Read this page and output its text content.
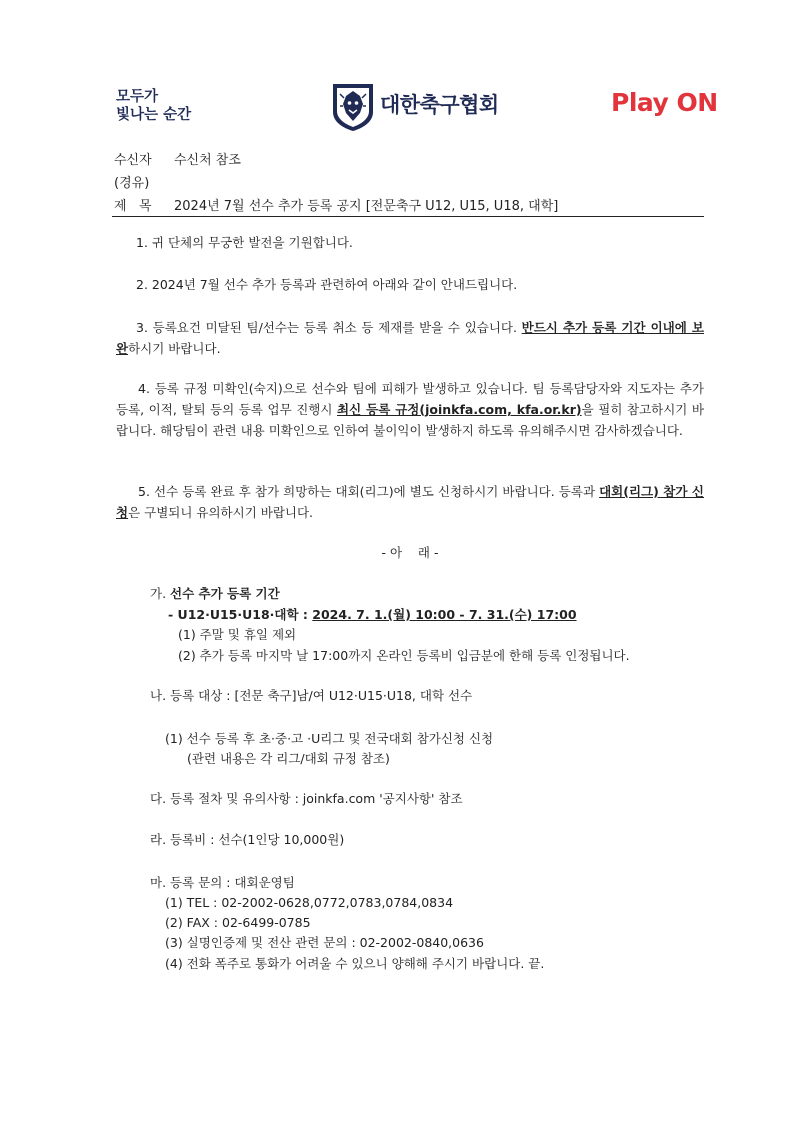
모두가
빛나는 순간	대한축구협회	Play ON
수신자 수신처 참조
(경유)
제   목 2024년 7월 선수 추가 등록 공지 [전문축구 U12, U15, U18, 대학]
1. 귀 단체의 무궁한 발전을 기원합니다.
2. 2024년 7월 선수 추가 등록과 관련하여 아래와 같이 안내드립니다.
3. 등록요건 미달된 팀/선수는 등록 취소 등 제재를 받을 수 있습니다. 반드시 추가 등록 기간 이내에 보완하시기 바랍니다.
4. 등록 규정 미확인(숙지)으로 선수와 팀에 피해가 발생하고 있습니다. 팀 등록담당자와 지도자는 추가 등록, 이적, 탈퇴 등의 등록 업무 진행시 최신 등록 규정(joinkfa.com, kfa.or.kr)을 필히 참고하시기 바랍니다. 해당팀이 관련 내용 미확인으로 인하여 불이익이 발생하지 하도록 유의해주시면 감사하겠습니다.
5. 선수 등록 완료 후 참가 희망하는 대회(리그)에 별도 신청하시기 바랍니다. 등록과 대회(리그) 참가 신청은 구별되니 유의하시기 바랍니다.
- 아    래 -
가. 선수 추가 등록 기간
- U12·U15·U18·대학 : 2024. 7. 1.(월) 10:00 - 7. 31.(수) 17:00
(1) 주말 및 휴일 제외
(2) 추가 등록 마지막 날 17:00까지 온라인 등록비 입금분에 한해 등록 인정됩니다.
나. 등록 대상 : [전문 축구]남/여 U12·U15·U18, 대학 선수
(1) 선수 등록 후 초·중·고 ·U리그 및 전국대회 참가신청 신청
(관련 내용은 각 리그/대회 규정 참조)
다. 등록 절차 및 유의사항 : joinkfa.com '공지사항' 참조
라. 등록비 : 선수(1인당 10,000원)
마. 등록 문의 : 대회운영팀
(1) TEL : 02-2002-0628,0772,0783,0784,0834
(2) FAX : 02-6499-0785
(3) 실명인증제 및 전산 관련 문의 : 02-2002-0840,0636
(4) 전화 폭주로 통화가 어려울 수 있으니 양해해 주시기 바랍니다. 끝.
